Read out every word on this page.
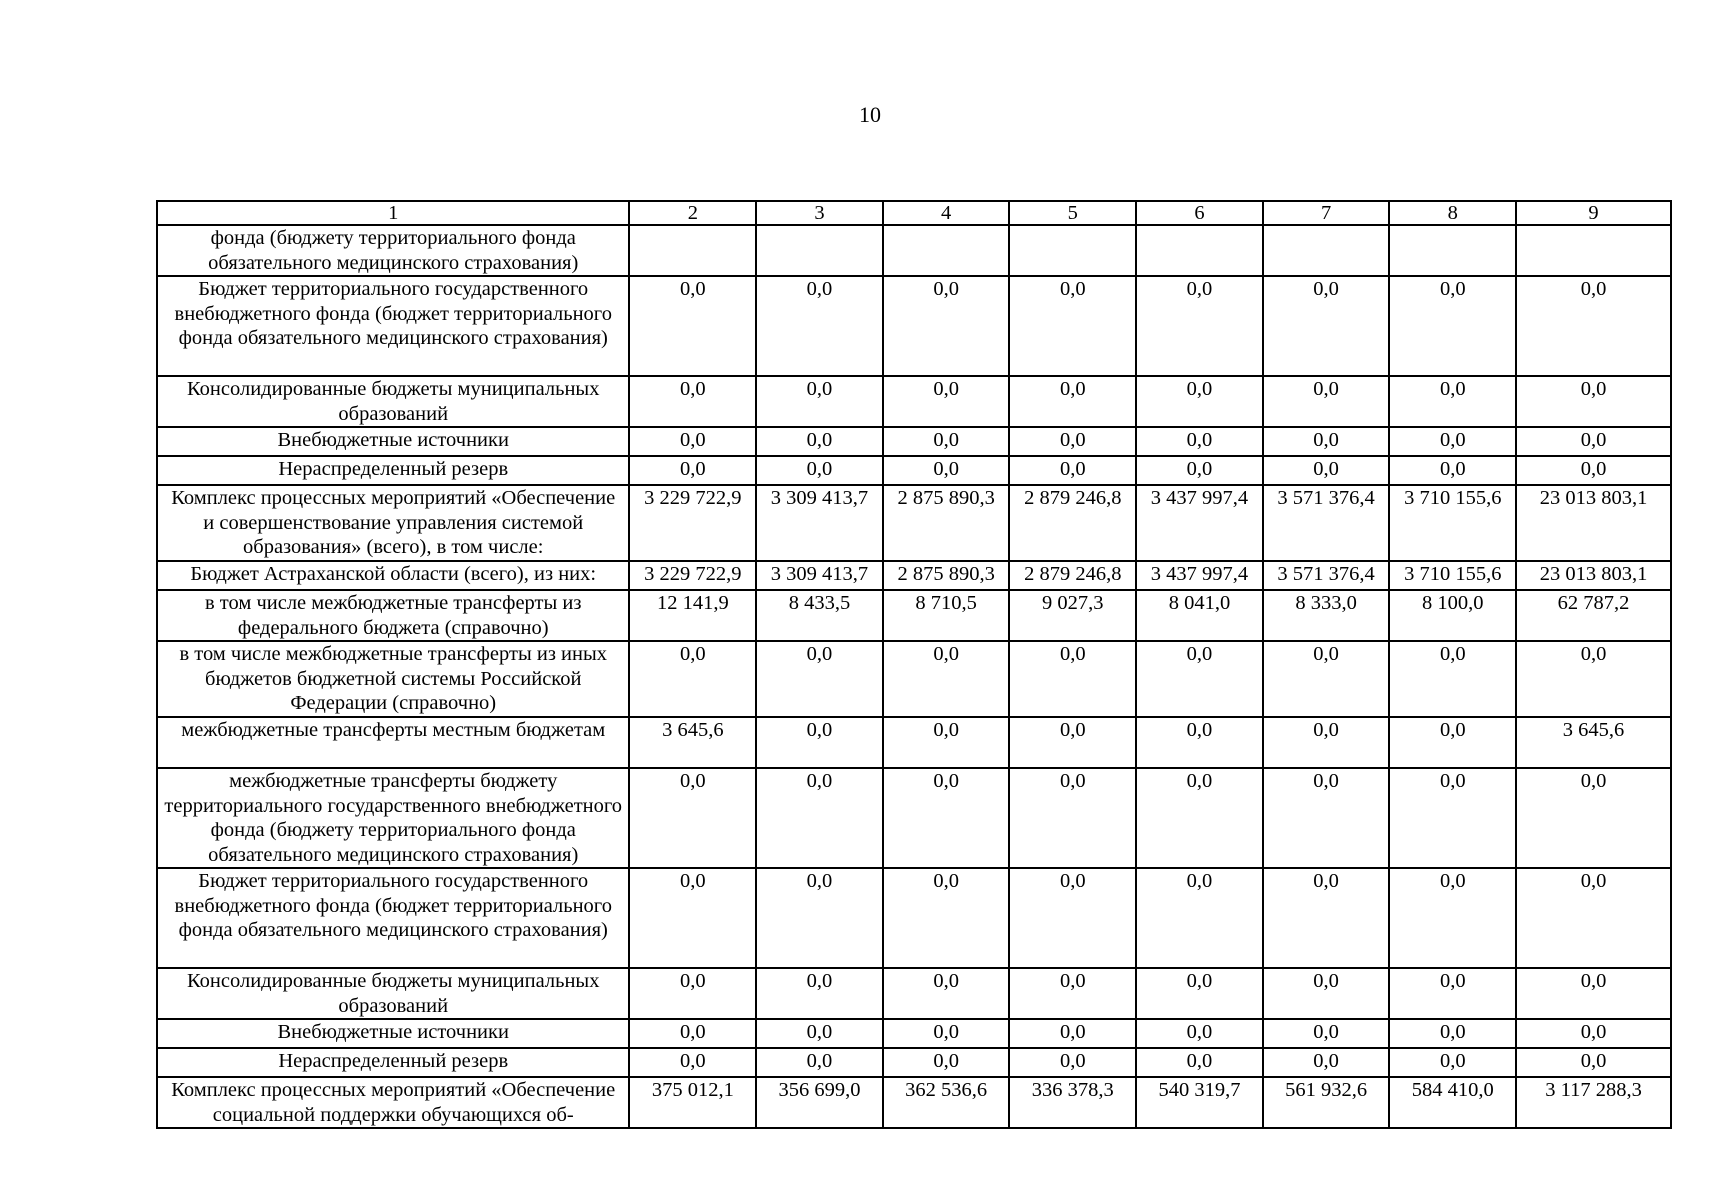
10
1	2	3	4	5	6	7	8	9
фонда (бюджету территориального фонда обязательного медицинского страхования)								
Бюджет территориального государственного внебюджетного фонда (бюджет территориального фонда обязательного медицинского страхования)	0,0	0,0	0,0	0,0	0,0	0,0	0,0	0,0
Консолидированные бюджеты муниципальных образований	0,0	0,0	0,0	0,0	0,0	0,0	0,0	0,0
Внебюджетные источники	0,0	0,0	0,0	0,0	0,0	0,0	0,0	0,0
Нераспределенный резерв	0,0	0,0	0,0	0,0	0,0	0,0	0,0	0,0
Комплекс процессных мероприятий «Обеспечение и совершенствование управления системой образования» (всего), в том числе:	3 229 722,9	3 309 413,7	2 875 890,3	2 879 246,8	3 437 997,4	3 571 376,4	3 710 155,6	23 013 803,1
Бюджет Астраханской области (всего), из них:	3 229 722,9	3 309 413,7	2 875 890,3	2 879 246,8	3 437 997,4	3 571 376,4	3 710 155,6	23 013 803,1
в том числе межбюджетные трансферты из федерального бюджета (справочно)	12 141,9	8 433,5	8 710,5	9 027,3	8 041,0	8 333,0	8 100,0	62 787,2
в том числе межбюджетные трансферты из иных бюджетов бюджетной системы Российской Федерации (справочно)	0,0	0,0	0,0	0,0	0,0	0,0	0,0	0,0
межбюджетные трансферты местным бюджетам	3 645,6	0,0	0,0	0,0	0,0	0,0	0,0	3 645,6
межбюджетные трансферты бюджету территориального государственного внебюджетного фонда (бюджету территориального фонда обязательного медицинского страхования)	0,0	0,0	0,0	0,0	0,0	0,0	0,0	0,0
Бюджет территориального государственного внебюджетного фонда (бюджет территориального фонда обязательного медицинского страхования)	0,0	0,0	0,0	0,0	0,0	0,0	0,0	0,0
Консолидированные бюджеты муниципальных образований	0,0	0,0	0,0	0,0	0,0	0,0	0,0	0,0
Внебюджетные источники	0,0	0,0	0,0	0,0	0,0	0,0	0,0	0,0
Нераспределенный резерв	0,0	0,0	0,0	0,0	0,0	0,0	0,0	0,0
Комплекс процессных мероприятий «Обеспечение социальной поддержки обучающихся об-	375 012,1	356 699,0	362 536,6	336 378,3	540 319,7	561 932,6	584 410,0	3 117 288,3
